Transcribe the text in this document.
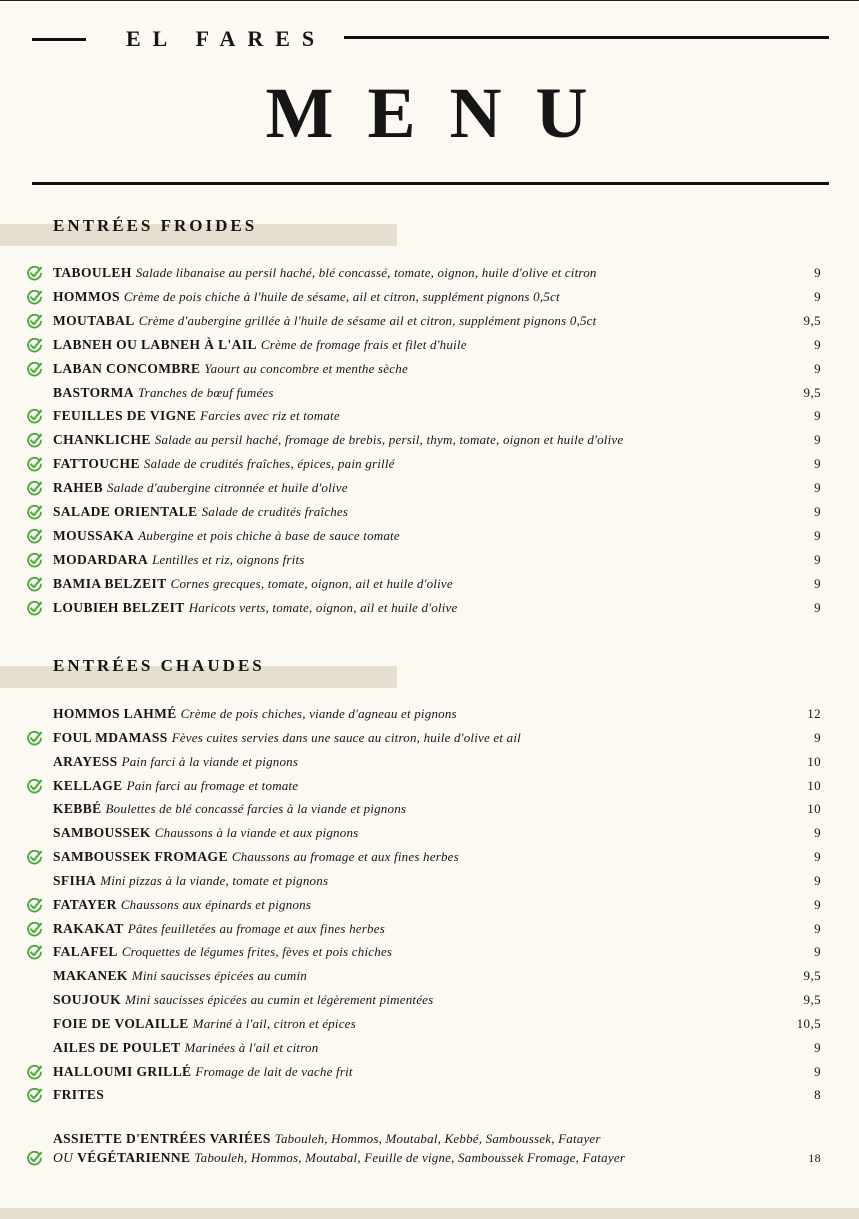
EL FARES
MENU
ENTRÉES FROIDES
TABOULEH Salade libanaise au persil haché, blé concassé, tomate, oignon, huile d'olive et citron	9
HOMMOS Crème de pois chiche à l'huile de sésame, ail et citron, supplément pignons 0,5ct	9
MOUTABAL Crème d'aubergine grillée à l'huile de sésame ail et citron, supplément pignons 0,5ct	9,5
LABNEH OU LABNEH À L'AIL Crème de fromage frais et filet d'huile	9
LABAN CONCOMBRE Yaourt au concombre et menthe sèche	9
BASTORMA Tranches de bœuf fumées	9,5
FEUILLES DE VIGNE Farcies avec riz et tomate	9
CHANKLICHE Salade au persil haché, fromage de brebis, persil, thym, tomate, oignon et huile d'olive	9
FATTOUCHE Salade de crudités fraîches, épices, pain grillé	9
RAHEB Salade d'aubergine citronnée et huile d'olive	9
SALADE ORIENTALE Salade de crudités fraîches	9
MOUSSAKA Aubergine et pois chiche à base de sauce tomate	9
MODARDARA Lentilles et riz, oignons frits	9
BAMIA BELZEIT Cornes grecques, tomate, oignon, ail et huile d'olive	9
LOUBIEH BELZEIT Haricots verts, tomate, oignon, ail et huile d'olive	9
ENTRÉES CHAUDES
HOMMOS LAHMÉ Crème de pois chiches, viande d'agneau et pignons	12
FOUL MDAMASS Fèves cuites servies dans une sauce au citron, huile d'olive et ail	9
ARAYESS Pain farci à la viande et pignons	10
KELLAGE Pain farci au fromage et tomate	10
KEBBÉ Boulettes de blé concassé farcies à la viande et pignons	10
SAMBOUSSEK Chaussons à la viande et aux pignons	9
SAMBOUSSEK FROMAGE Chaussons au fromage et aux fines herbes	9
SFIHA Mini pizzas à la viande, tomate et pignons	9
FATAYER Chaussons aux épinards et pignons	9
RAKAKAT Pâtes feuilletées au fromage et aux fines herbes	9
FALAFEL Croquettes de légumes frites, fèves et pois chiches	9
MAKANEK Mini saucisses épicées au cumin	9,5
SOUJOUK Mini saucisses épicées au cumin et légèrement pimentées	9,5
FOIE DE VOLAILLE Mariné à l'ail, citron et épices	10,5
AILES DE POULET Marinées à l'ail et citron	9
HALLOUMI GRILLÉ Fromage de lait de vache frit	9
FRITES	8
ASSIETTE D'ENTRÉES VARIÉES Tabouleh, Hommos, Moutabal, Kebbé, Samboussek, Fatayer
OU VÉGÉTARIENNE Tabouleh, Hommos, Moutabal, Feuille de vigne, Samboussek Fromage, Fatayer	18
